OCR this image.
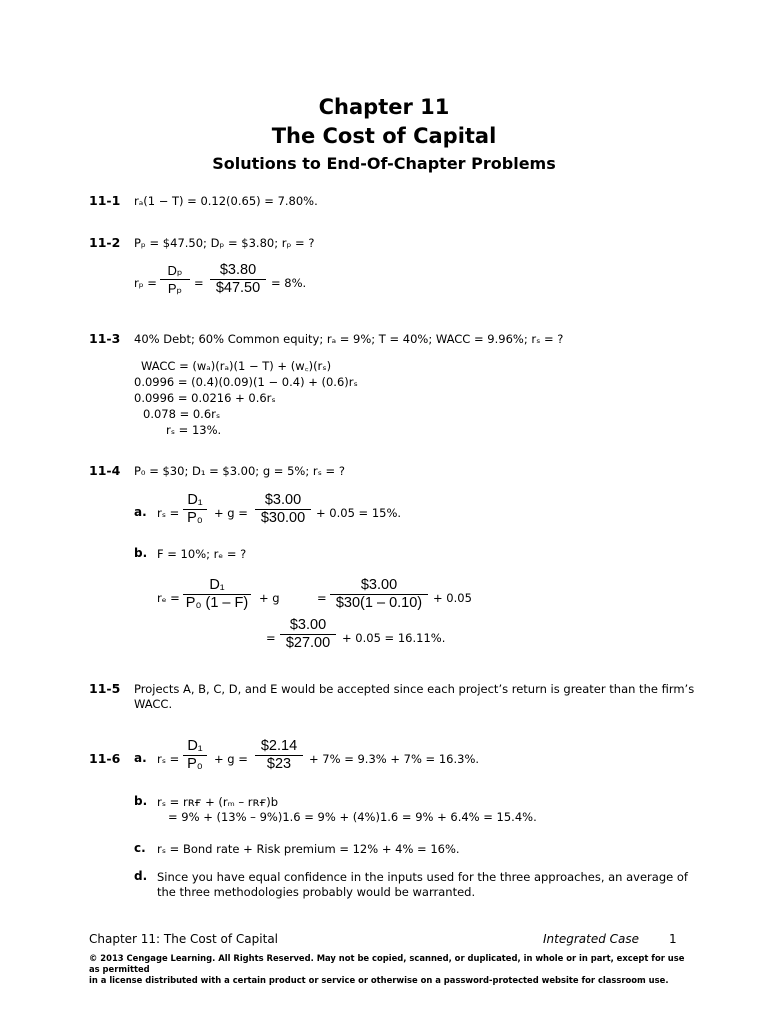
Chapter 11
The Cost of Capital
Solutions to End-Of-Chapter Problems
11-1 rₐ(1 − T) = 0.12(0.65) = 7.80%.
11-2 Pₚ = $47.50; Dₚ = $3.80; rₚ = ?
rₚ =
Dₚ
Pₚ	=
$3.80
$47.50 = 8%.
11-3 40% Debt; 60% Common equity; rₐ = 9%; T = 40%; WACC = 9.96%; rₛ = ?
WACC = (wₐ)(rₐ)(1 − T) + (w꜀)(rₛ)
0.0996 = (0.4)(0.09)(1 − 0.4) + (0.6)rₛ
0.0996 = 0.0216 + 0.6rₛ
0.078 = 0.6rₛ
rₛ = 13%.
11-4 P₀ = $30; D₁ = $3.00; g = 5%; rₛ = ?
a. rₛ =
D₁
P₀ + g =
$3.00
$30.00 + 0.05 = 15%.
b. F = 10%; rₑ = ?
rₑ =
D₁
P₀ (1 – F) + g	=
$3.00
$30(1 – 0.10) + 0.05
=
$3.00
$27.00	+ 0.05 = 16.11%.
11-5 Projects A, B, C, D, and E would be accepted since each project’s return is greater than the firm’s
WACC.
11-6 a. rₛ =
D₁
P₀ + g =
$2.14
$23	+ 7% = 9.3% + 7% = 16.3%.
b. rₛ = rʀғ + (rₘ – rʀғ)b
= 9% + (13% – 9%)1.6 = 9% + (4%)1.6 = 9% + 6.4% = 15.4%.
c. rₛ = Bond rate + Risk premium = 12% + 4% = 16%.
d. Since you have equal confidence in the inputs used for the three approaches, an average of
the three methodologies probably would be warranted.
Chapter 11: The Cost of Capital	Integrated Case 1
© 2013 Cengage Learning. All Rights Reserved. May not be copied, scanned, or duplicated, in whole or in part, except for use as permitted
in a license distributed with a certain product or service or otherwise on a password-protected website for classroom use.
